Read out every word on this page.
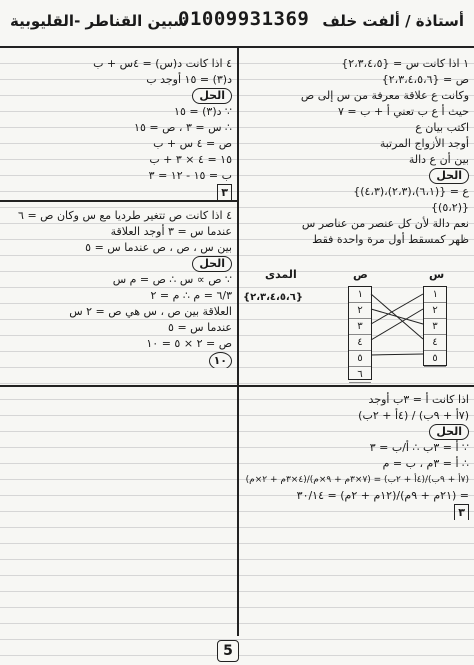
شبين القناطر -القليوبية
01009931369 أستاذة / ألفت خلف
٤ اذا كانت د(س) = ٤س + ب
د(٣) = ١٥ أوجد ب
الحل
∵ د(٣) = ١٥
∴ س = ٣ ، ص = ١٥
ص = ٤ س + ب
١٥ = ٤ × ٣ + ب
ب = ١٥ - ١٢ = ٣
٣
١ اذا كانت س = {٢،٣،٤،٥}
ص = {٢،٣،٤،٥،٦}
وكانت ع علاقة معرفة من س إلى ص
حيث أ ع ب تعني أ + ب = ٧
اكتب بيان ع
أوجد الأزواج المرتبة
بين أن ع دالة
الحل
ع = {(٦،١)،(٢،٣)،(٤،٣)}
{(٥،٢)}
نعم دالة لأن كل عنصر من عناصر س
ظهر كمسقط أول مرة واحدة فقط
المدى
{٢،٣،٤،٥،٦}
ص	س
١
٢
٣
٤
٥
٦
١
٢
٣
٤
٥
٤ اذا كانت ص تتغير طرديا مع س وكان ص = ٦
عندما س = ٣ أوجد العلاقة
بين س ، ص ، ص عندما س = ٥
الحل
∵ ص ∝ س ∴ ص = م س
٦/٣ = م ∴ م = ٢
العلاقة بين ص ، س هي ص = ٢ س
عندما س = ٥
ص = ٢ × ٥ = ١٠
١٠
اذا كانت أ = ٣ب أوجد
(٧أ + ٩ب) / (٤أ + ٢ب)
الحل
∵ أ = ٣ب ∴ أ/ب = ٣
∴ أ = ٣م ، ب = م
(٧أ + ٩ب)/(٤أ + ٢ب) = (٧×٣م + ٩×م)/(٤×٣م + ٢×م)
= (٢١م + ٩م)/(١٢م + ٢م) = ٣٠/١٤
٣
5
